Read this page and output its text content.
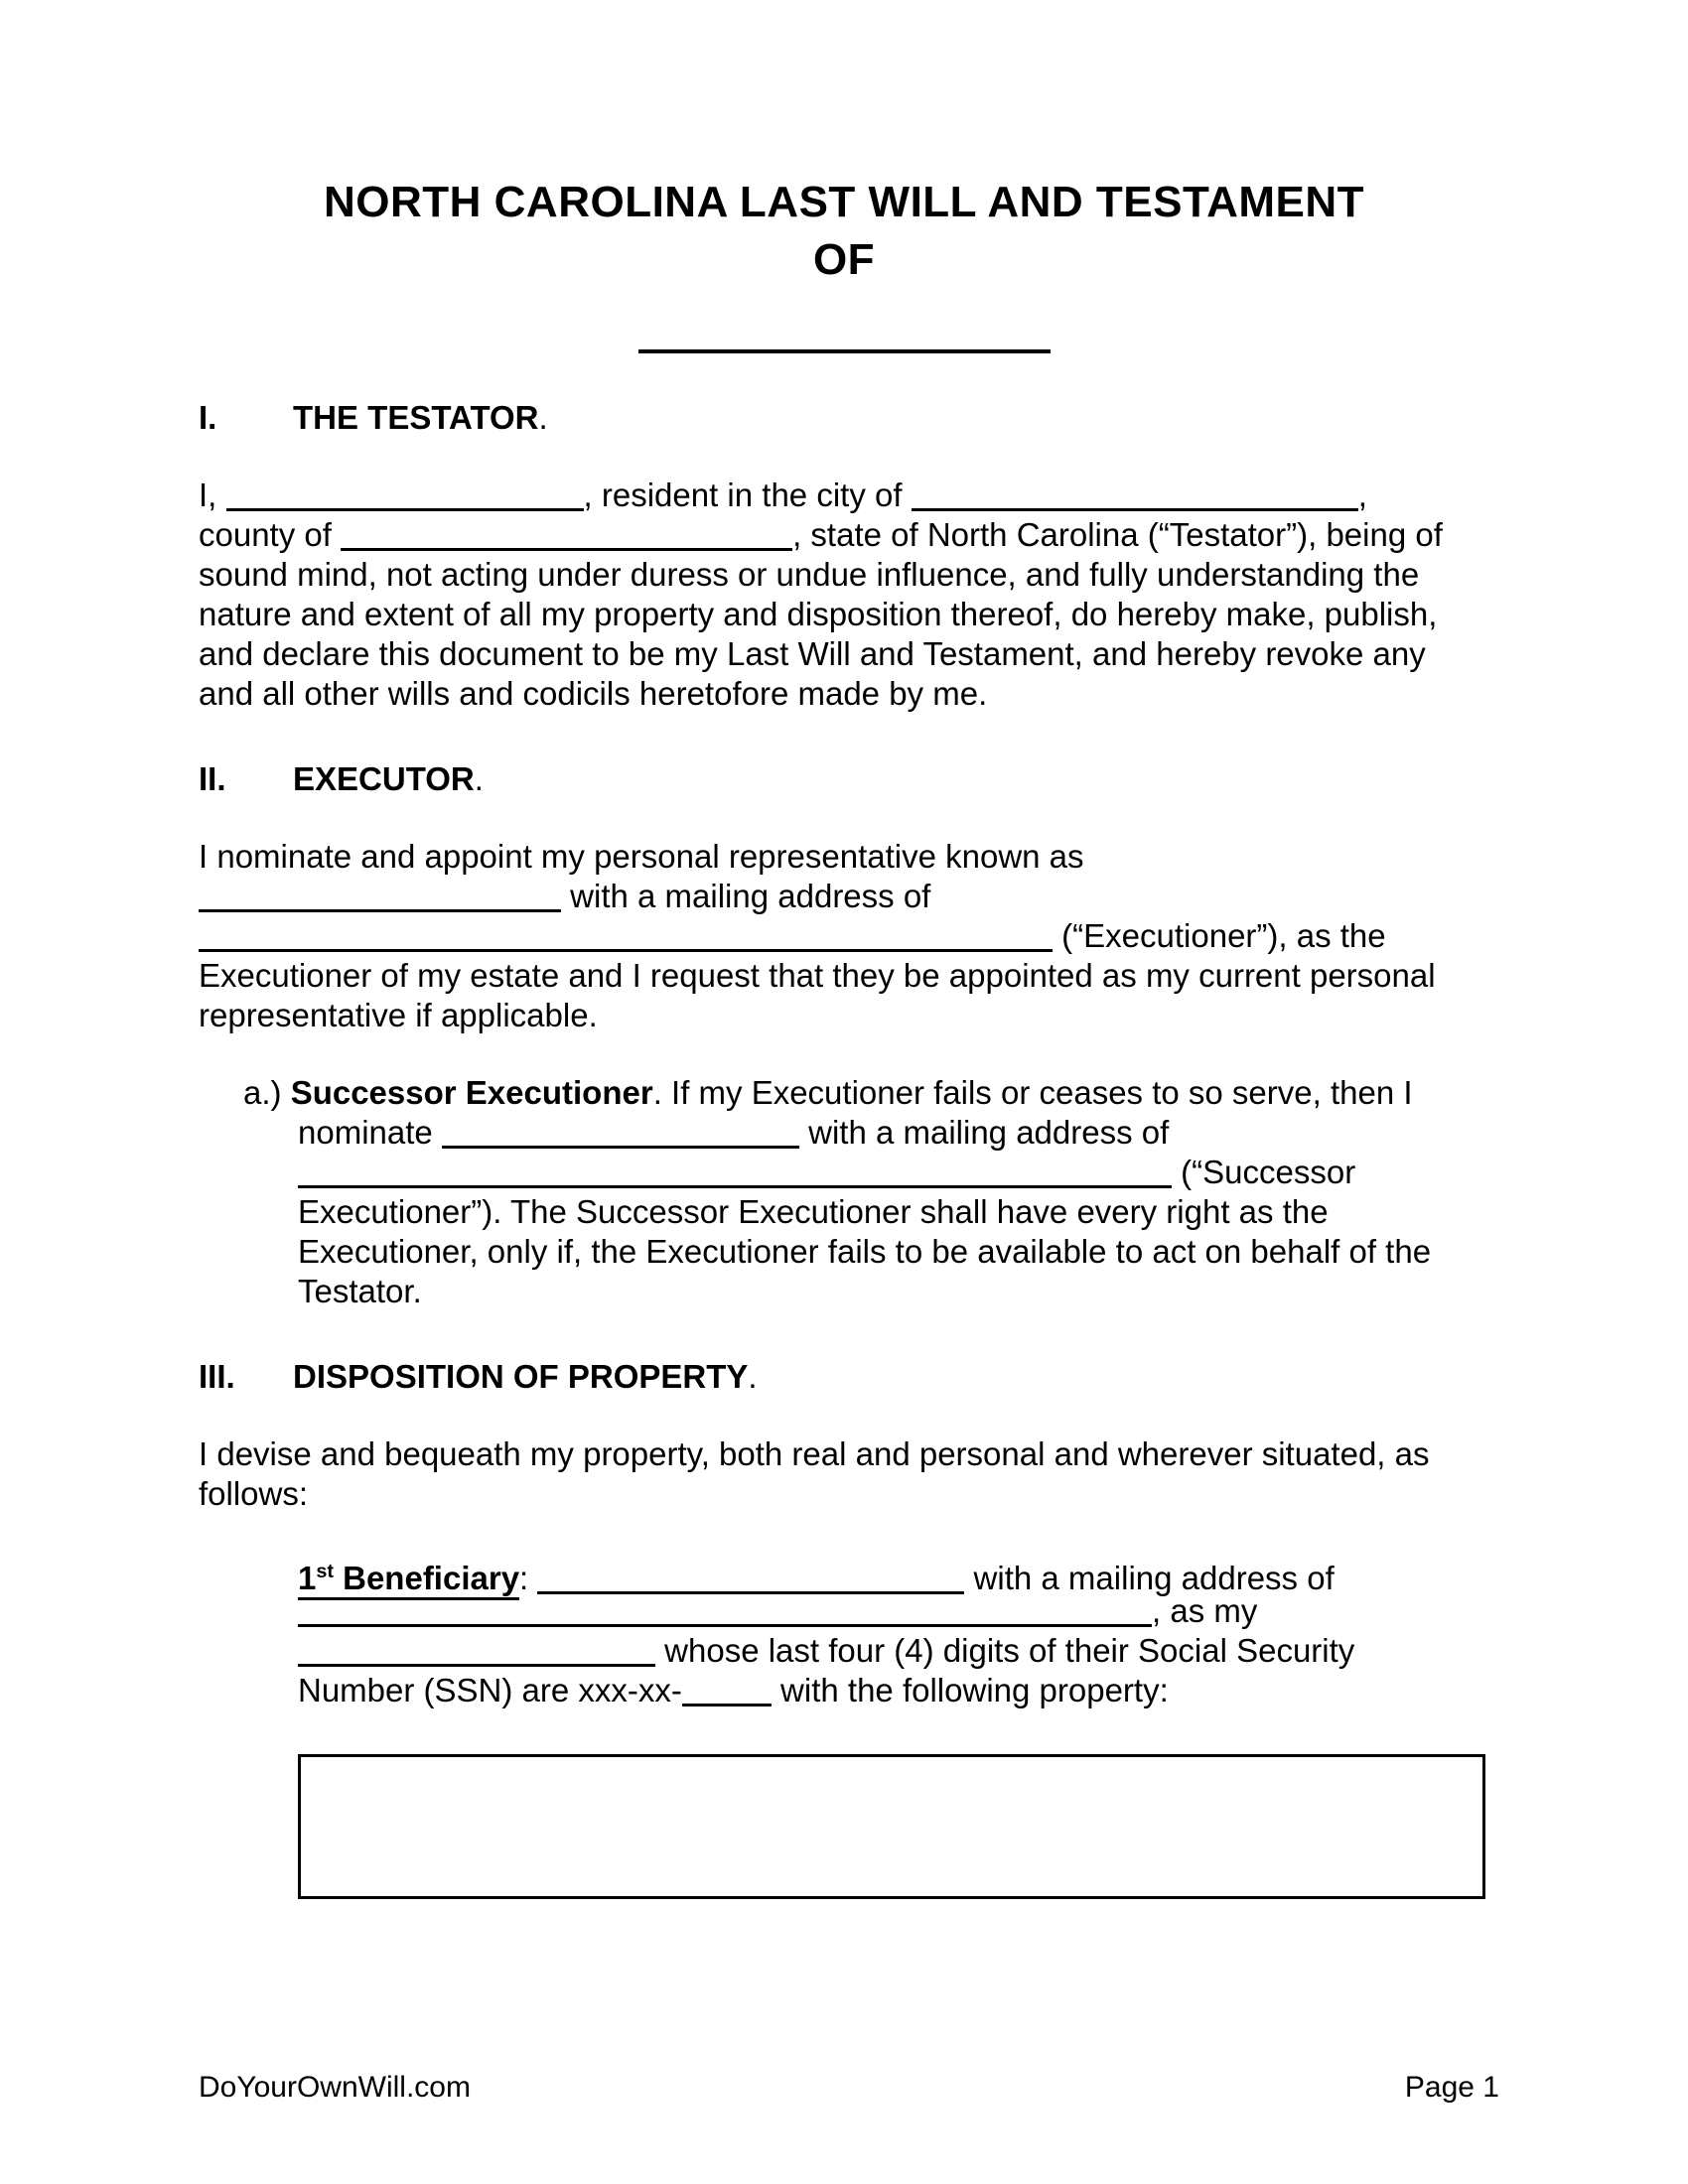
NORTH CAROLINA LAST WILL AND TESTAMENT
OF
I. THE TESTATOR.
I,	, resident in the city of	,
county of	, state of North Carolina (“Testator”), being of
sound mind, not acting under duress or undue influence, and fully understanding the
nature and extent of all my property and disposition thereof, do hereby make, publish,
and declare this document to be my Last Will and Testament, and hereby revoke any
and all other wills and codicils heretofore made by me.
II. EXECUTOR.
I nominate and appoint my personal representative known as
with a mailing address of
(“Executioner”), as the
Executioner of my estate and I request that they be appointed as my current personal
representative if applicable.
a.) Successor Executioner. If my Executioner fails or ceases to so serve, then I
nominate	with a mailing address of
(“Successor
Executioner”). The Successor Executioner shall have every right as the
Executioner, only if, the Executioner fails to be available to act on behalf of the
Testator.
III. DISPOSITION OF PROPERTY.
I devise and bequeath my property, both real and personal and wherever situated, as
follows:
1st Beneficiary:	with a mailing address of
, as my
whose last four (4) digits of their Social Security
Number (SSN) are xxx-xx-	with the following property:
DoYourOwnWill.com	Page 1
